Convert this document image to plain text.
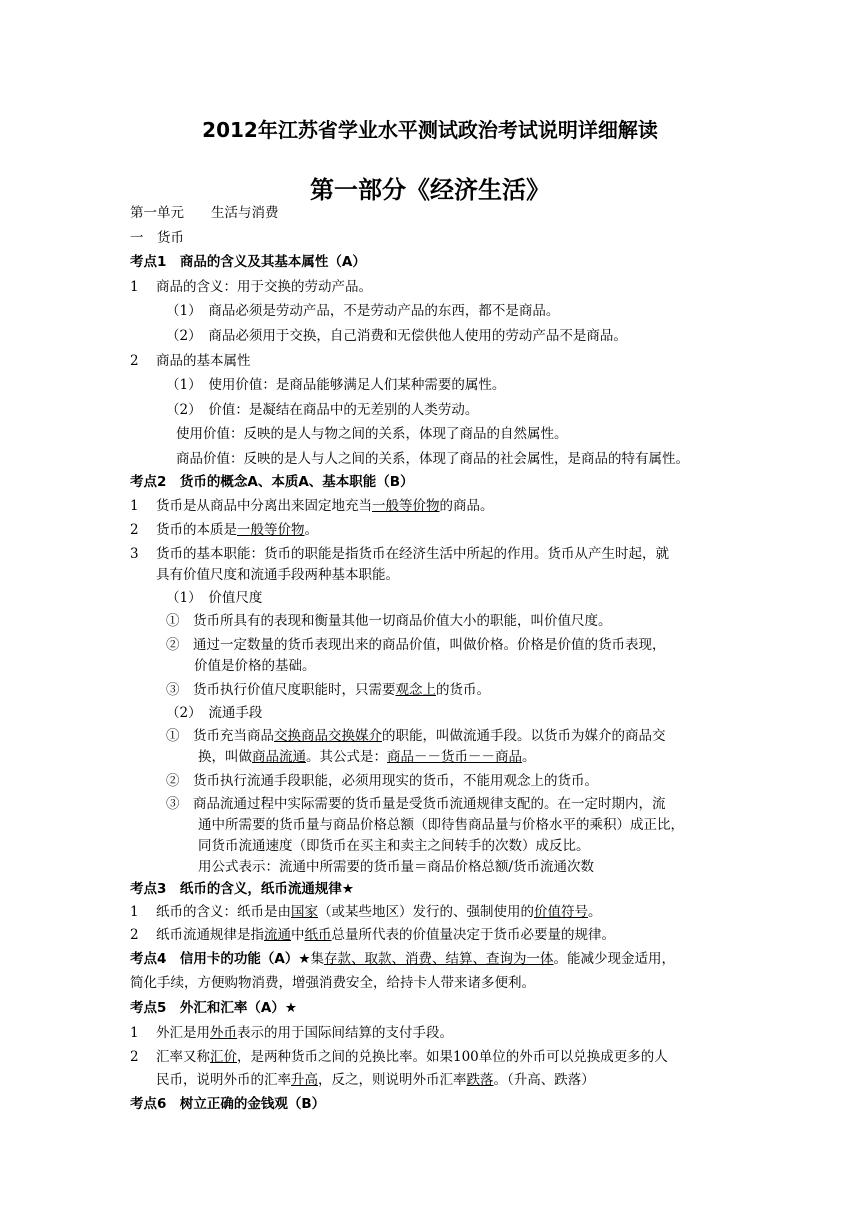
2012年江苏省学业水平测试政治考试说明详细解读
第一部分《经济生活》
第一单元　　生活与消费
一　货币
考点1　商品的含义及其基本属性（A）
1 商品的含义：用于交换的劳动产品。
（1）　商品必须是劳动产品，不是劳动产品的东西，都不是商品。
（2）　商品必须用于交换，自己消费和无偿供他人使用的劳动产品不是商品。
2 商品的基本属性
（1）　使用价值：是商品能够满足人们某种需要的属性。
（2）　价值：是凝结在商品中的无差别的人类劳动。
使用价值：反映的是人与物之间的关系，体现了商品的自然属性。
商品价值：反映的是人与人之间的关系，体现了商品的社会属性，是商品的特有属性。
考点2　货币的概念A、本质A、基本职能（B）
1 货币是从商品中分离出来固定地充当一般等价物的商品。
2 货币的本质是一般等价物。
3 货币的基本职能：货币的职能是指货币在经济生活中所起的作用。货币从产生时起，就
具有价值尺度和流通手段两种基本职能。
（1）　价值尺度
①　货币所具有的表现和衡量其他一切商品价值大小的职能，叫价值尺度。
②　通过一定数量的货币表现出来的商品价值，叫做价格。价格是价值的货币表现，
价值是价格的基础。
③　货币执行价值尺度职能时，只需要观念上的货币。
（2）　流通手段
①　货币充当商品交换商品交换媒介的职能，叫做流通手段。以货币为媒介的商品交
换，叫做商品流通。其公式是：商品－－货币－－商品。
②　货币执行流通手段职能，必须用现实的货币，不能用观念上的货币。
③　商品流通过程中实际需要的货币量是受货币流通规律支配的。在一定时期内，流
通中所需要的货币量与商品价格总额（即待售商品量与价格水平的乘积）成正比，
同货币流通速度（即货币在买主和卖主之间转手的次数）成反比。
用公式表示：流通中所需要的货币量＝商品价格总额/货币流通次数
考点3　纸币的含义，纸币流通规律★
1 纸币的含义：纸币是由国家（或某些地区）发行的、强制使用的价值符号。
2 纸币流通规律是指流通中纸币总量所代表的价值量决定于货币必要量的规律。
考点4　信用卡的功能（A）★集存款、取款、消费、结算、查询为一体。能减少现金适用，
简化手续，方便购物消费，增强消费安全，给持卡人带来诸多便利。
考点5　外汇和汇率（A）★
1 外汇是用外币表示的用于国际间结算的支付手段。
2 汇率又称汇价，是两种货币之间的兑换比率。如果100单位的外币可以兑换成更多的人
民币，说明外币的汇率升高，反之，则说明外币汇率跌落。（升高、跌落）
考点6　树立正确的金钱观（B）
